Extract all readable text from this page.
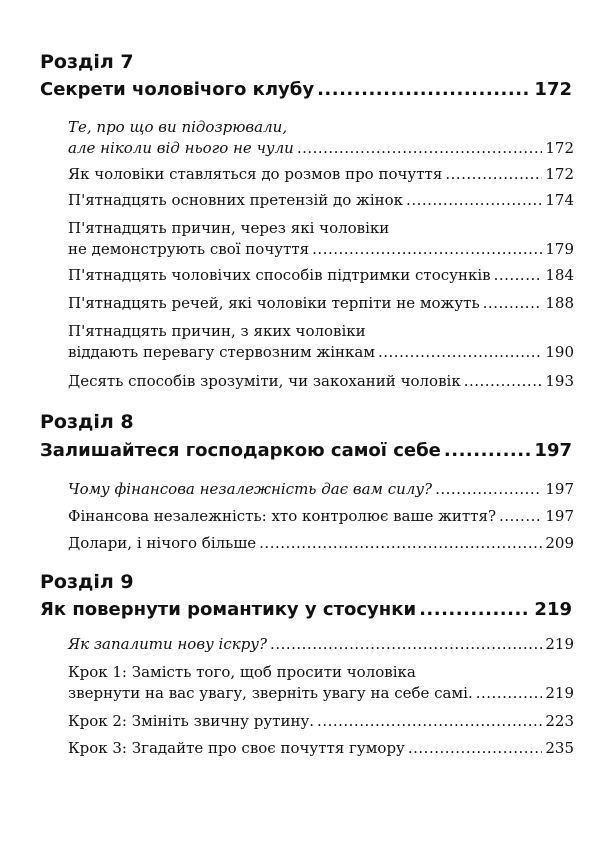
Розділ 7
Секрети чоловічого клубу .....	172
Те, про що ви підозрювали,
але ніколи від нього не чули .....	172
Як чоловіки ставляться до розмов про почуття .....	172
П'ятнадцять основних претензій до жінок .....	174
П'ятнадцять причин, через які чоловіки
не демонструють свої почуття .....	179
П'ятнадцять чоловічих способів підтримки стосунків .....	184
П'ятнадцять речей, які чоловіки терпіти не можуть .....	188
П'ятнадцять причин, з яких чоловіки
віддають перевагу стервозним жінкам .....	190
Десять способів зрозуміти, чи закоханий чоловік .....	193
Розділ 8
Залишайтеся господаркою самої себе .....	197
Чому фінансова незалежність дає вам силу? .....	197
Фінансова незалежність: хто контролює ваше життя? .....	197
Долари, і нічого більше .....	209
Розділ 9
Як повернути романтику у стосунки .....	219
Як запалити нову іскру? .....	219
Крок 1: Замість того, щоб просити чоловіка
звернути на вас увагу, зверніть увагу на себе самі. .....	219
Крок 2: Змініть звичну рутину. .....	223
Крок 3: Згадайте про своє почуття гумору .....	235
